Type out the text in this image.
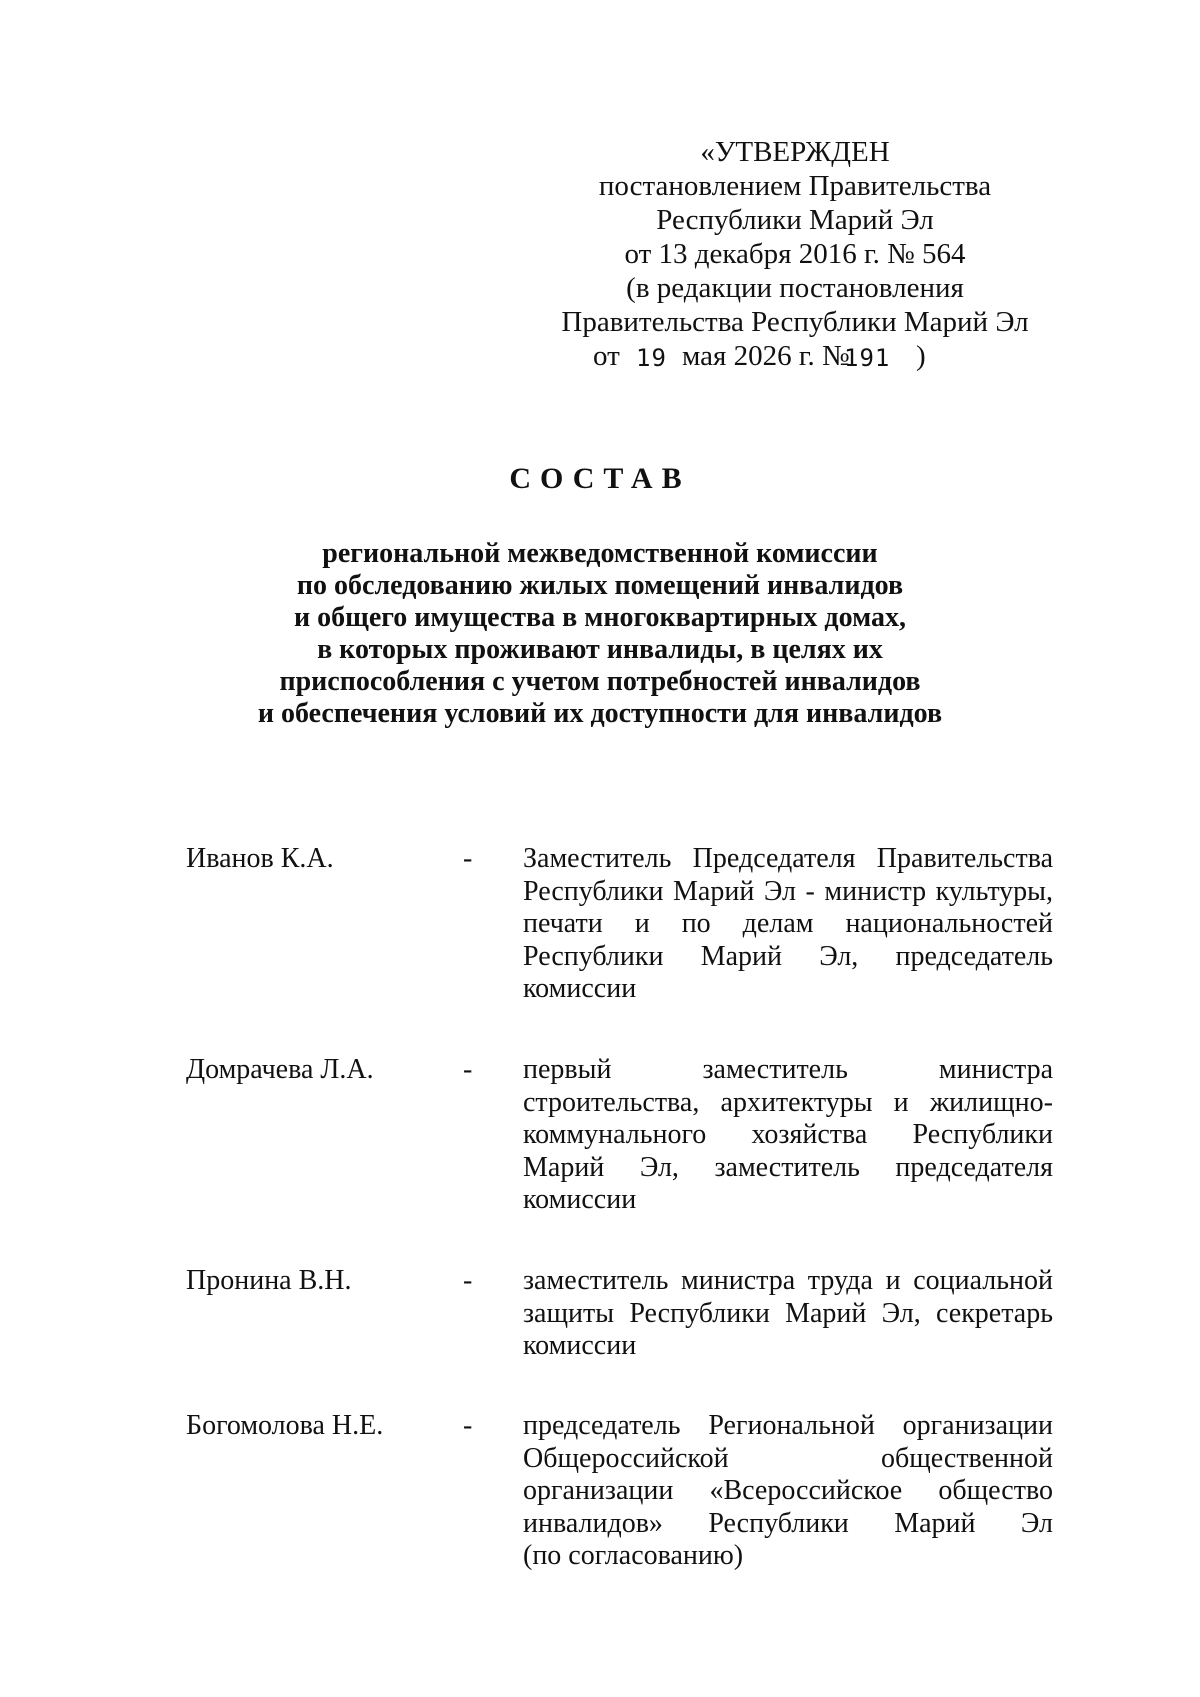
«УТВЕРЖДЕН
постановлением Правительства
Республики Марий Эл
от 13 декабря 2016 г. № 564
(в редакции постановления
Правительства Республики Марий Эл
от 19 мая 2026 г. №
191 )
СОСТАВ
региональной межведомственной комиссии
по обследованию жилых помещений инвалидов
и общего имущества в многоквартирных домах,
в которых проживают инвалиды, в целях их
приспособления с учетом потребностей инвалидов
и обеспечения условий их доступности для инвалидов
Иванов К.А.	- Заместитель Председателя Правительства
Республики Марий Эл - министр культуры,
печати и по делам национальностей
Республики Марий Эл, председатель
комиссии
Домрачева Л.А.	- первый заместитель министра
строительства, архитектуры и жилищно-
коммунального хозяйства Республики
Марий Эл, заместитель председателя
комиссии
Пронина В.Н.	- заместитель министра труда и социальной
защиты Республики Марий Эл, секретарь
комиссии
Богомолова Н.Е.	- председатель Региональной организации
Общероссийской общественной
организации «Всероссийское общество
инвалидов» Республики Марий Эл
(по согласованию)
